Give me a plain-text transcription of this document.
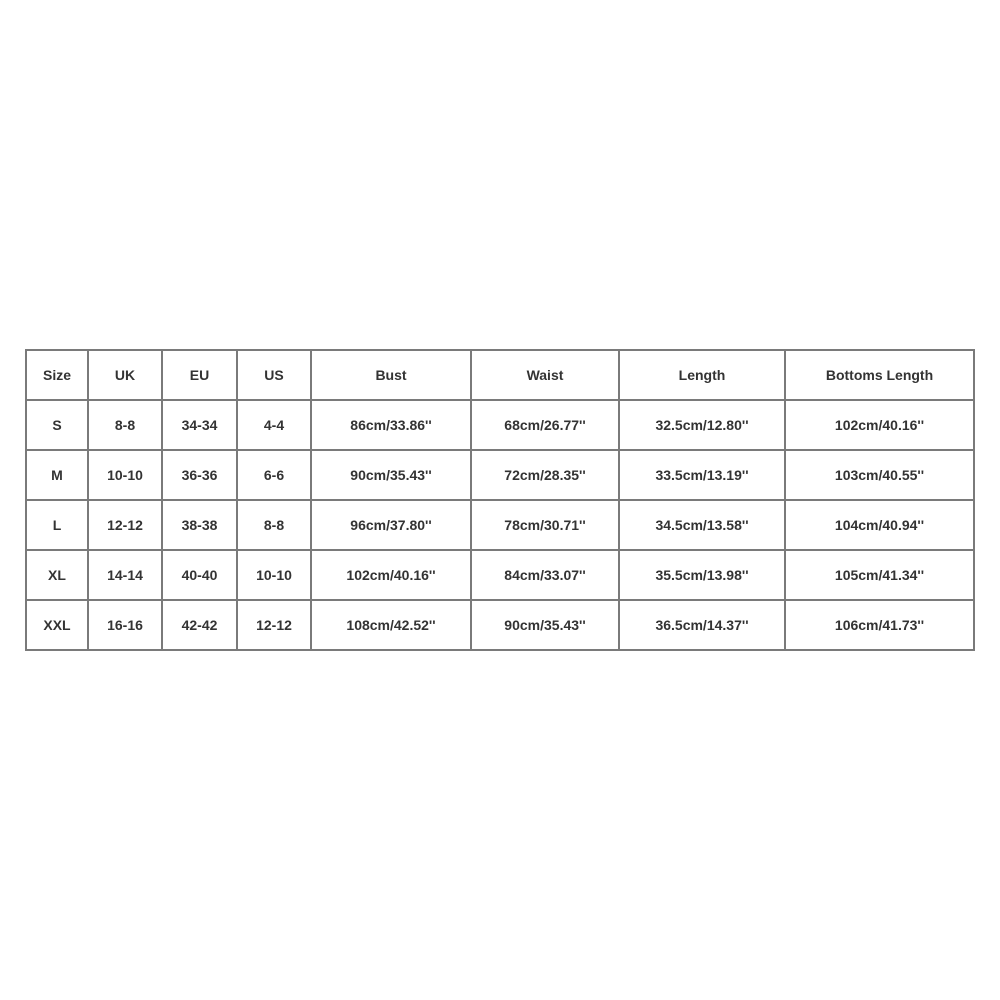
Size	UK	EU	US	Bust	Waist	Length	Bottoms Length
S	8-8	34-34	4-4	86cm/33.86''	68cm/26.77''	32.5cm/12.80''	102cm/40.16''
M	10-10	36-36	6-6	90cm/35.43''	72cm/28.35''	33.5cm/13.19''	103cm/40.55''
L	12-12	38-38	8-8	96cm/37.80''	78cm/30.71''	34.5cm/13.58''	104cm/40.94''
XL	14-14	40-40	10-10	102cm/40.16''	84cm/33.07''	35.5cm/13.98''	105cm/41.34''
XXL	16-16	42-42	12-12	108cm/42.52''	90cm/35.43''	36.5cm/14.37''	106cm/41.73''
